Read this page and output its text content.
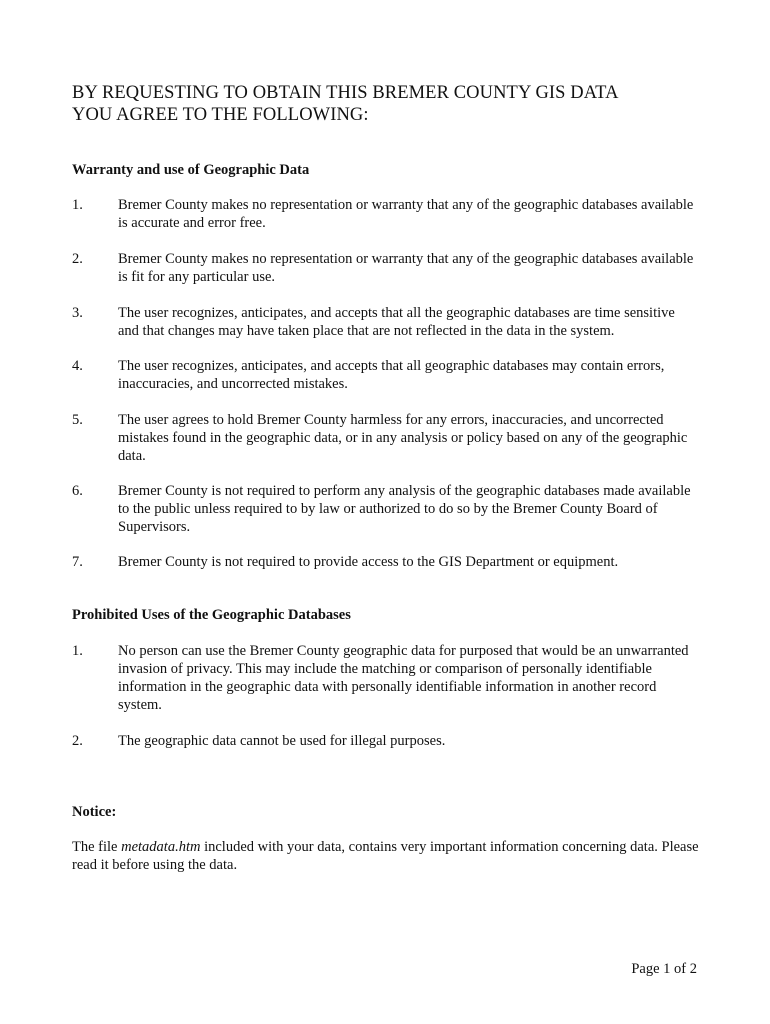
BY REQUESTING TO OBTAIN THIS BREMER COUNTY GIS DATA
YOU AGREE TO THE FOLLOWING:
Warranty and use of Geographic Data
1.	Bremer County makes no representation or warranty that any of the geographic databases available is accurate and error free.
2.	Bremer County makes no representation or warranty that any of the geographic databases available is fit for any particular use.
3.	The user recognizes, anticipates, and accepts that all the geographic databases are time sensitive and that changes may have taken place that are not reflected in the data in the system.
4.	The user recognizes, anticipates, and accepts that all geographic databases may contain errors, inaccuracies, and uncorrected mistakes.
5.	The user agrees to hold Bremer County harmless for any errors, inaccuracies, and uncorrected mistakes found in the geographic data, or in any analysis or policy based on any of the geographic data.
6.	Bremer County is not required to perform any analysis of the geographic databases made available to the public unless required to by law or authorized to do so by the Bremer County Board of Supervisors.
7.	Bremer County is not required to provide access to the GIS Department or equipment.
Prohibited Uses of the Geographic Databases
1.	No person can use the Bremer County geographic data for purposed that would be an unwarranted invasion of privacy. This may include the matching or comparison of personally identifiable information in the geographic data with personally identifiable information in another record system.
2.	The geographic data cannot be used for illegal purposes.
Notice:
The file metadata.htm included with your data, contains very important information concerning data. Please read it before using the data.
Page 1 of 2
